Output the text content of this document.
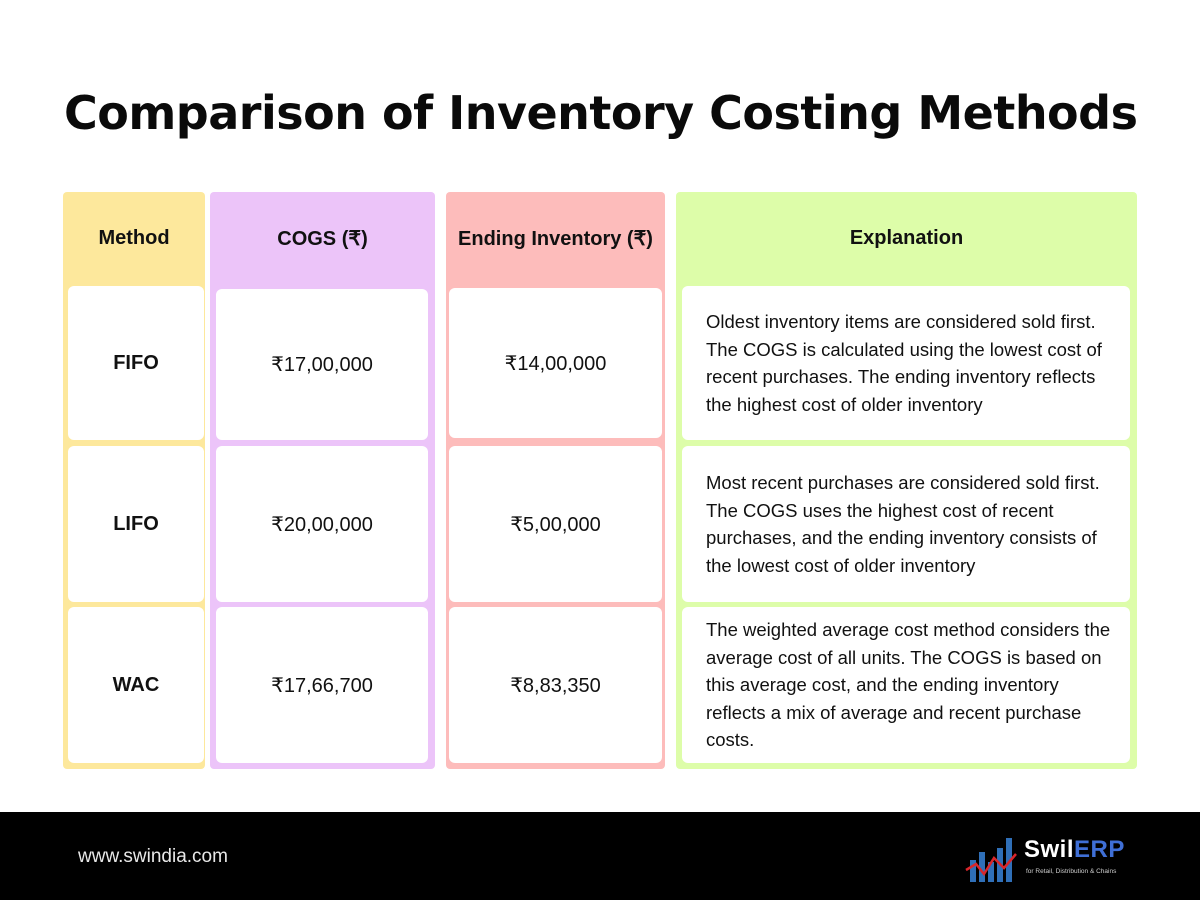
Comparison of Inventory Costing Methods
Method
FIFO
LIFO
WAC
COGS (₹)
₹17,00,000
₹20,00,000
₹17,66,700
Ending Inventory (₹)
₹14,00,000
₹5,00,000
₹8,83,350
Explanation
Oldest inventory items are considered sold first. The COGS is calculated using the lowest cost of recent purchases. The ending inventory reflects the highest cost of older inventory
Most recent purchases are considered sold first. The COGS uses the highest cost of recent purchases, and the ending inventory consists of the lowest cost of older inventory
The weighted average cost method considers the average cost of all units. The COGS is based on this average cost, and the ending inventory reflects a mix of average and recent purchase costs.
www.swindia.com	SwilERP
for Retail, Distribution & Chains
